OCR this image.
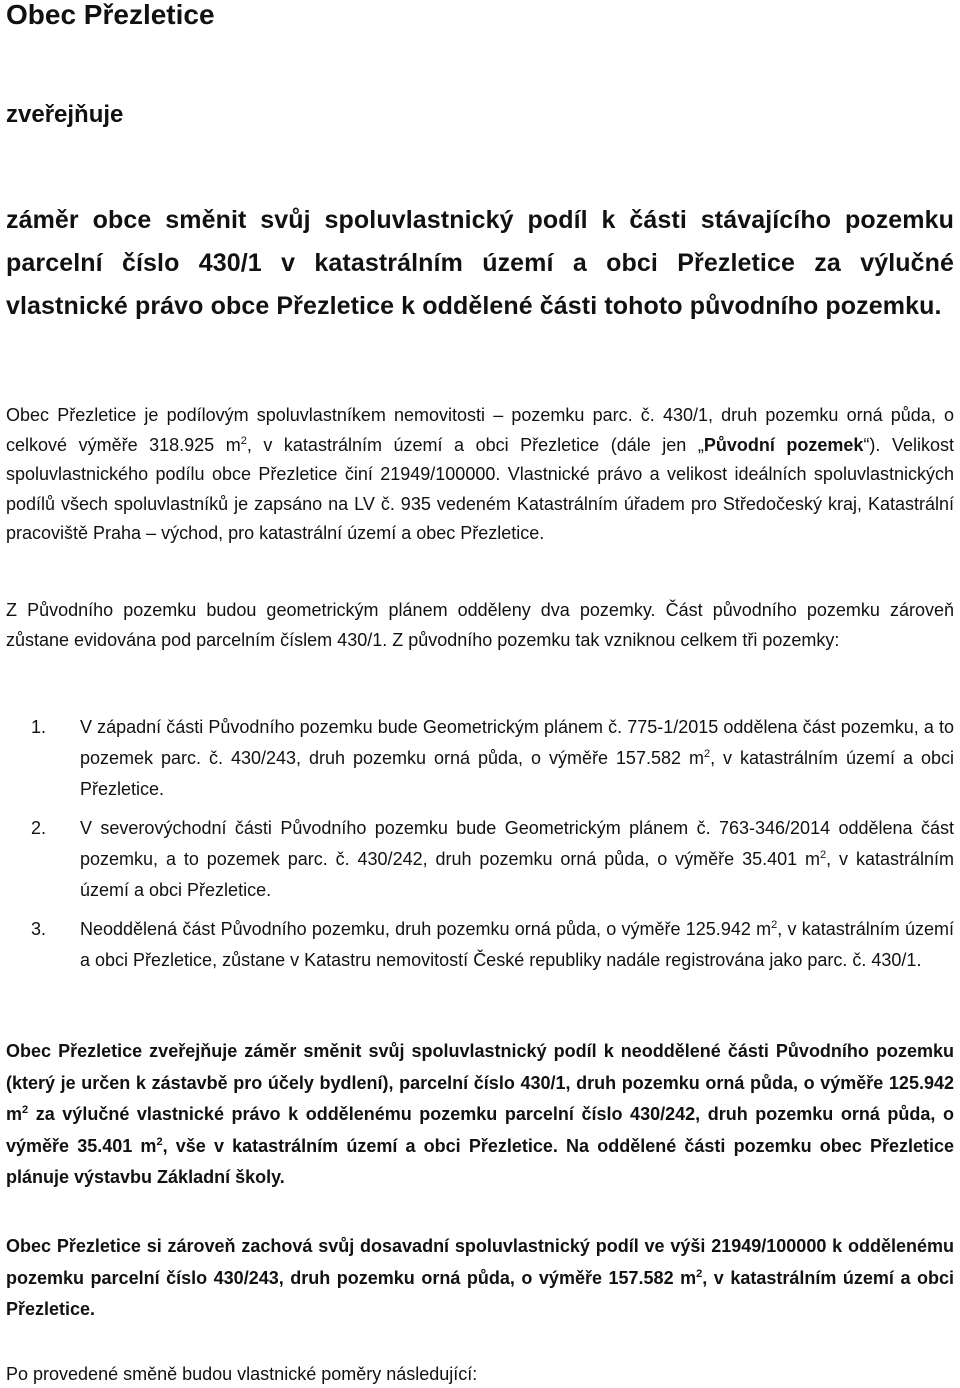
Obec Přezletice
zveřejňuje

záměr obce směnit svůj spoluvlastnický podíl k části stávajícího pozemku parcelní číslo 430/1 v katastrálním území a obci Přezletice za výlučné vlastnické právo obce Přezletice k oddělené části tohoto původního pozemku.

Obec Přezletice je podílovým spoluvlastníkem nemovitosti – pozemku parc. č. 430/1, druh pozemku orná půda, o celkové výměře 318.925 $m^2$, v katastrálním území a obci Přezletice (dále jen „Původní pozemek“). Velikost spoluvlastnického podílu obce Přezletice činí 21949/100000. Vlastnické právo a velikost ideálních spoluvlastnických podílů všech spoluvlastníků je zapsáno na LV č. 935 vedeném Katastrálním úřadem pro Středočeský kraj, Katastrální pracoviště Praha – východ, pro katastrální území a obec Přezletice.

Z Původního pozemku budou geometrickým plánem odděleny dva pozemky. Část původního pozemku zároveň zůstane evidována pod parcelním číslem 430/1. Z původního pozemku tak vzniknou celkem tři pozemky:

1.	V západní části Původního pozemku bude Geometrickým plánem č. 775-1/2015 oddělena část pozemku, a to pozemek parc. č. 430/243, druh pozemku orná půda, o výměře 157.582 $m^2$, v katastrálním území a obci Přezletice.
2.	V severovýchodní části Původního pozemku bude Geometrickým plánem č. 763-346/2014 oddělena část pozemku, a to pozemek parc. č. 430/242, druh pozemku orná půda, o výměře 35.401 $m^2$, v katastrálním území a obci Přezletice.
3.	Neoddělená část Původního pozemku, druh pozemku orná půda, o výměře 125.942 $m^2$, v katastrálním území a obci Přezletice, zůstane v Katastru nemovitostí České republiky nadále registrována jako parc. č. 430/1.

Obec Přezletice zveřejňuje záměr směnit svůj spoluvlastnický podíl k neoddělené části Původního pozemku (který je určen k zástavbě pro účely bydlení), parcelní číslo 430/1, druh pozemku orná půda, o výměře 125.942 $m^2$ za výlučné vlastnické právo k oddělenému pozemku parcelní číslo 430/242, druh pozemku orná půda, o výměře 35.401 $m^2$, vše v katastrálním území a obci Přezletice. Na oddělené části pozemku obec Přezletice plánuje výstavbu Základní školy.

Obec Přezletice si zároveň zachová svůj dosavadní spoluvlastnický podíl ve výši 21949/100000 k oddělenému pozemku parcelní číslo 430/243, druh pozemku orná půda, o výměře 157.582 $m^2$, v katastrálním území a obci Přezletice.

Po provedené směně budou vlastnické poměry následující:
